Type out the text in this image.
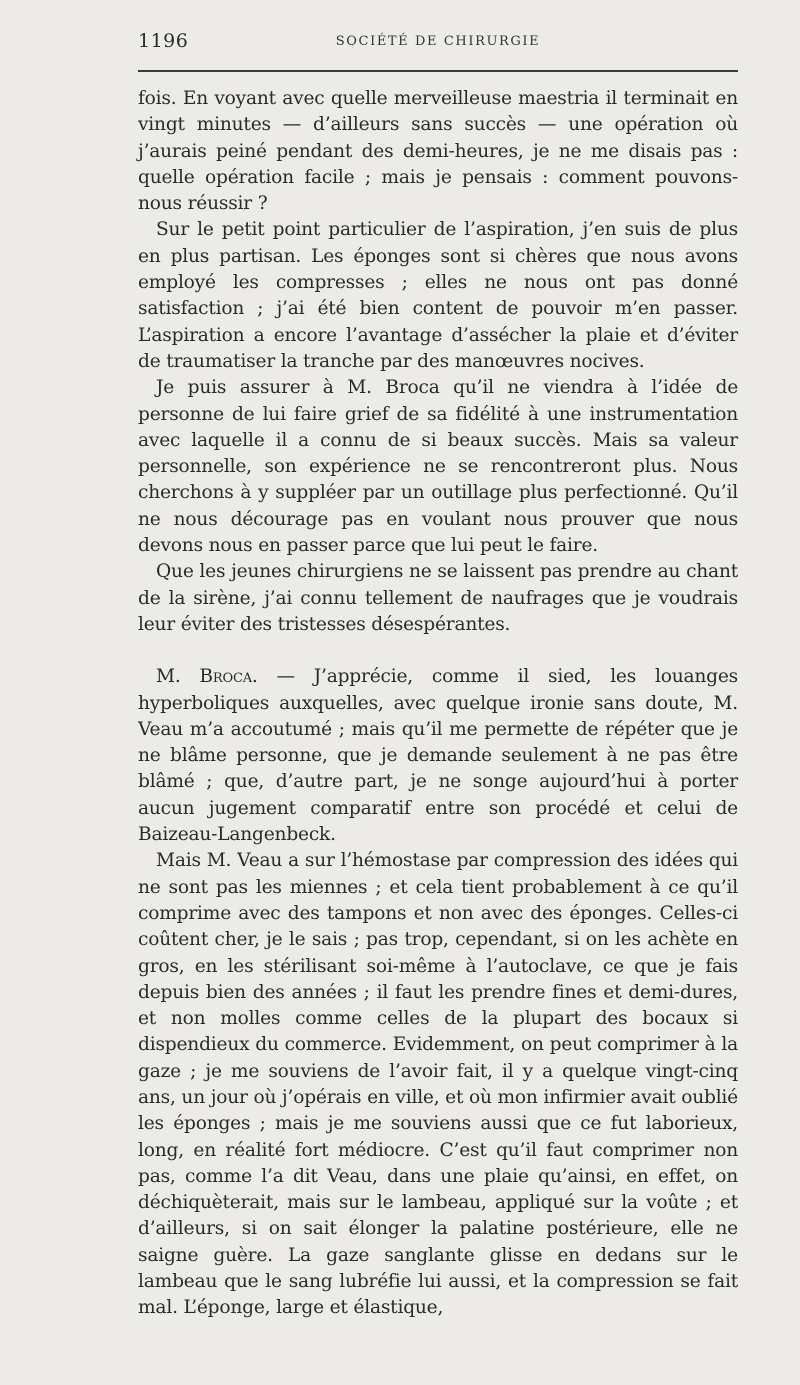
1196	SOCIÉTÉ DE CHIRURGIE

fois. En voyant avec quelle merveilleuse maestria il terminait en vingt minutes — d’ailleurs sans succès — une opération où j’aurais peiné pendant des demi-heures, je ne me disais pas : quelle opération facile ; mais je pensais : comment pouvons-nous réussir ?

Sur le petit point particulier de l’aspiration, j’en suis de plus en plus partisan. Les éponges sont si chères que nous avons employé les compresses ; elles ne nous ont pas donné satisfaction ; j’ai été bien content de pouvoir m’en passer. L’aspiration a encore l’avantage d’assécher la plaie et d’éviter de traumatiser la tranche par des manœuvres nocives.

Je puis assurer à M. Broca qu’il ne viendra à l’idée de personne de lui faire grief de sa fidélité à une instrumentation avec laquelle il a connu de si beaux succès. Mais sa valeur personnelle, son expérience ne se rencontreront plus. Nous cherchons à y suppléer par un outillage plus perfectionné. Qu’il ne nous décourage pas en voulant nous prouver que nous devons nous en passer parce que lui peut le faire.

Que les jeunes chirurgiens ne se laissent pas prendre au chant de la sirène, j’ai connu tellement de naufrages que je voudrais leur éviter des tristesses désespérantes.

M. Broca. — J’apprécie, comme il sied, les louanges hyperboliques auxquelles, avec quelque ironie sans doute, M. Veau m’a accoutumé ; mais qu’il me permette de répéter que je ne blâme personne, que je demande seulement à ne pas être blâmé ; que, d’autre part, je ne songe aujourd’hui à porter aucun jugement comparatif entre son procédé et celui de Baizeau-Langenbeck.

Mais M. Veau a sur l’hémostase par compression des idées qui ne sont pas les miennes ; et cela tient probablement à ce qu’il comprime avec des tampons et non avec des éponges. Celles-ci coûtent cher, je le sais ; pas trop, cependant, si on les achète en gros, en les stérilisant soi-même à l’autoclave, ce que je fais depuis bien des années ; il faut les prendre fines et demi-dures, et non molles comme celles de la plupart des bocaux si dispendieux du commerce. Evidemment, on peut comprimer à la gaze ; je me souviens de l’avoir fait, il y a quelque vingt-cinq ans, un jour où j’opérais en ville, et où mon infirmier avait oublié les éponges ; mais je me souviens aussi que ce fut laborieux, long, en réalité fort médiocre. C’est qu’il faut comprimer non pas, comme l’a dit Veau, dans une plaie qu’ainsi, en effet, on déchiquèterait, mais sur le lambeau, appliqué sur la voûte ; et d’ailleurs, si on sait élonger la palatine postérieure, elle ne saigne guère. La gaze sanglante glisse en dedans sur le lambeau que le sang lubréfie lui aussi, et la compression se fait mal. L’éponge, large et élastique,
